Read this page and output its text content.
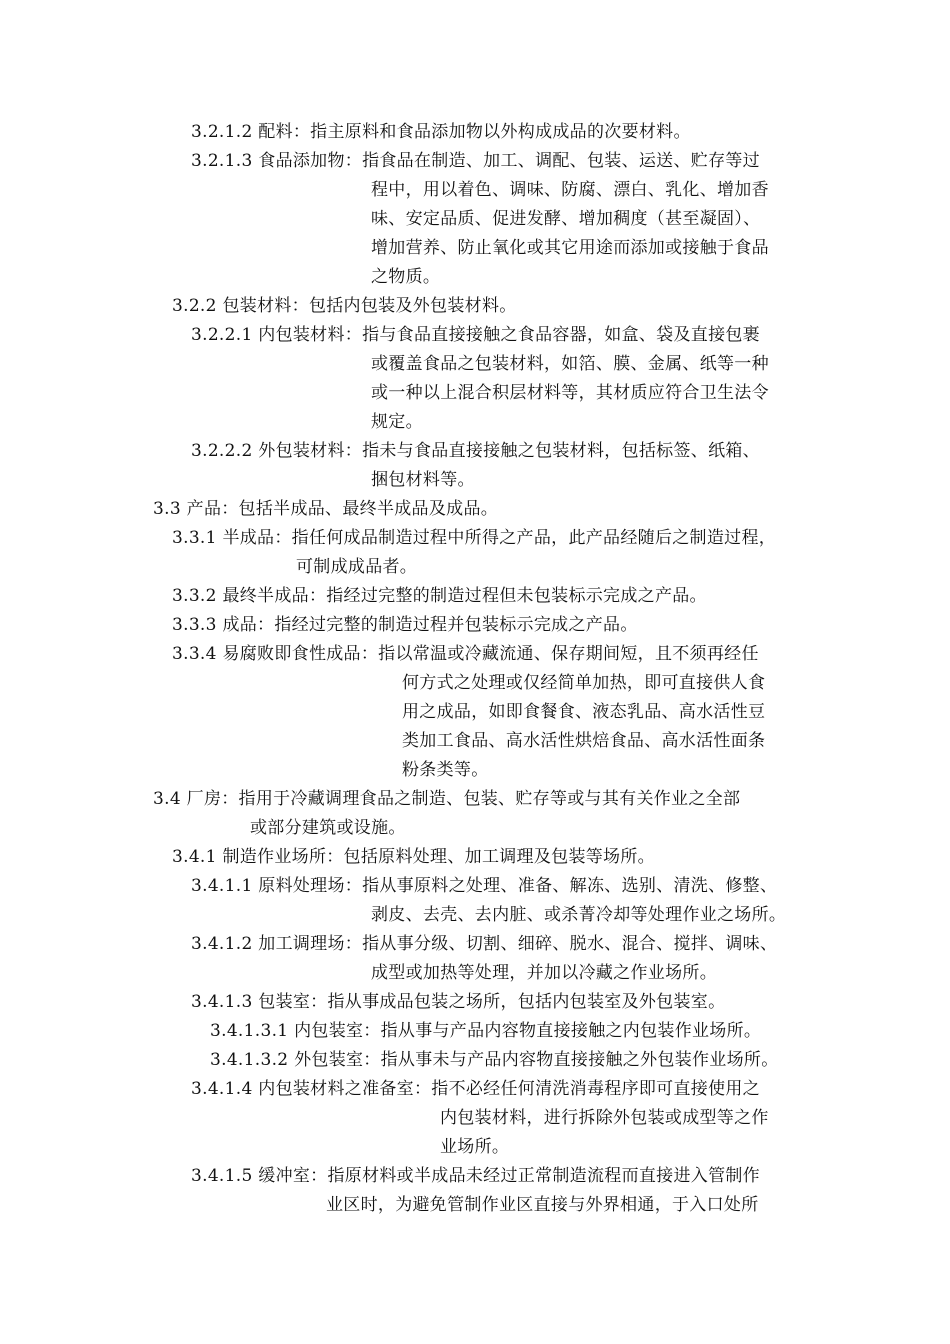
3.2.1.2 配料：指主原料和食品添加物以外构成成品的次要材料。
3.2.1.3 食品添加物：指食品在制造、加工、调配、包装、运送、贮存等过
程中，用以着色、调味、防腐、漂白、乳化、增加香
味、安定品质、促进发酵、增加稠度（甚至凝固）、
增加营养、防止氧化或其它用途而添加或接触于食品
之物质。
3.2.2 包装材料：包括内包装及外包装材料。
3.2.2.1 内包装材料：指与食品直接接触之食品容器，如盒、袋及直接包裹
或覆盖食品之包装材料，如箔、膜、金属、纸等一种
或一种以上混合积层材料等，其材质应符合卫生法令
规定。
3.2.2.2 外包装材料：指未与食品直接接触之包装材料，包括标签、纸箱、
捆包材料等。
3.3 产品：包括半成品、最终半成品及成品。
3.3.1 半成品：指任何成品制造过程中所得之产品，此产品经随后之制造过程，
可制成成品者。
3.3.2 最终半成品：指经过完整的制造过程但未包装标示完成之产品。
3.3.3 成品：指经过完整的制造过程并包装标示完成之产品。
3.3.4 易腐败即食性成品：指以常温或冷藏流通、保存期间短，且不须再经任
何方式之处理或仅经简单加热，即可直接供人食
用之成品，如即食餐食、液态乳品、高水活性豆
类加工食品、高水活性烘焙食品、高水活性面条
粉条类等。
3.4 厂房：指用于冷藏调理食品之制造、包装、贮存等或与其有关作业之全部
或部分建筑或设施。
3.4.1 制造作业场所：包括原料处理、加工调理及包装等场所。
3.4.1.1 原料处理场：指从事原料之处理、准备、解冻、选别、清洗、修整、
剥皮、去壳、去内脏、或杀菁冷却等处理作业之场所。
3.4.1.2 加工调理场：指从事分级、切割、细碎、脱水、混合、搅拌、调味、
成型或加热等处理，并加以冷藏之作业场所。
3.4.1.3 包装室：指从事成品包装之场所，包括内包装室及外包装室。
3.4.1.3.1 内包装室：指从事与产品内容物直接接触之内包装作业场所。
3.4.1.3.2 外包装室：指从事未与产品内容物直接接触之外包装作业场所。
3.4.1.4 内包装材料之准备室：指不必经任何清洗消毒程序即可直接使用之
内包装材料，进行拆除外包装或成型等之作
业场所。
3.4.1.5 缓冲室：指原材料或半成品未经过正常制造流程而直接进入管制作
业区时，为避免管制作业区直接与外界相通，于入口处所
